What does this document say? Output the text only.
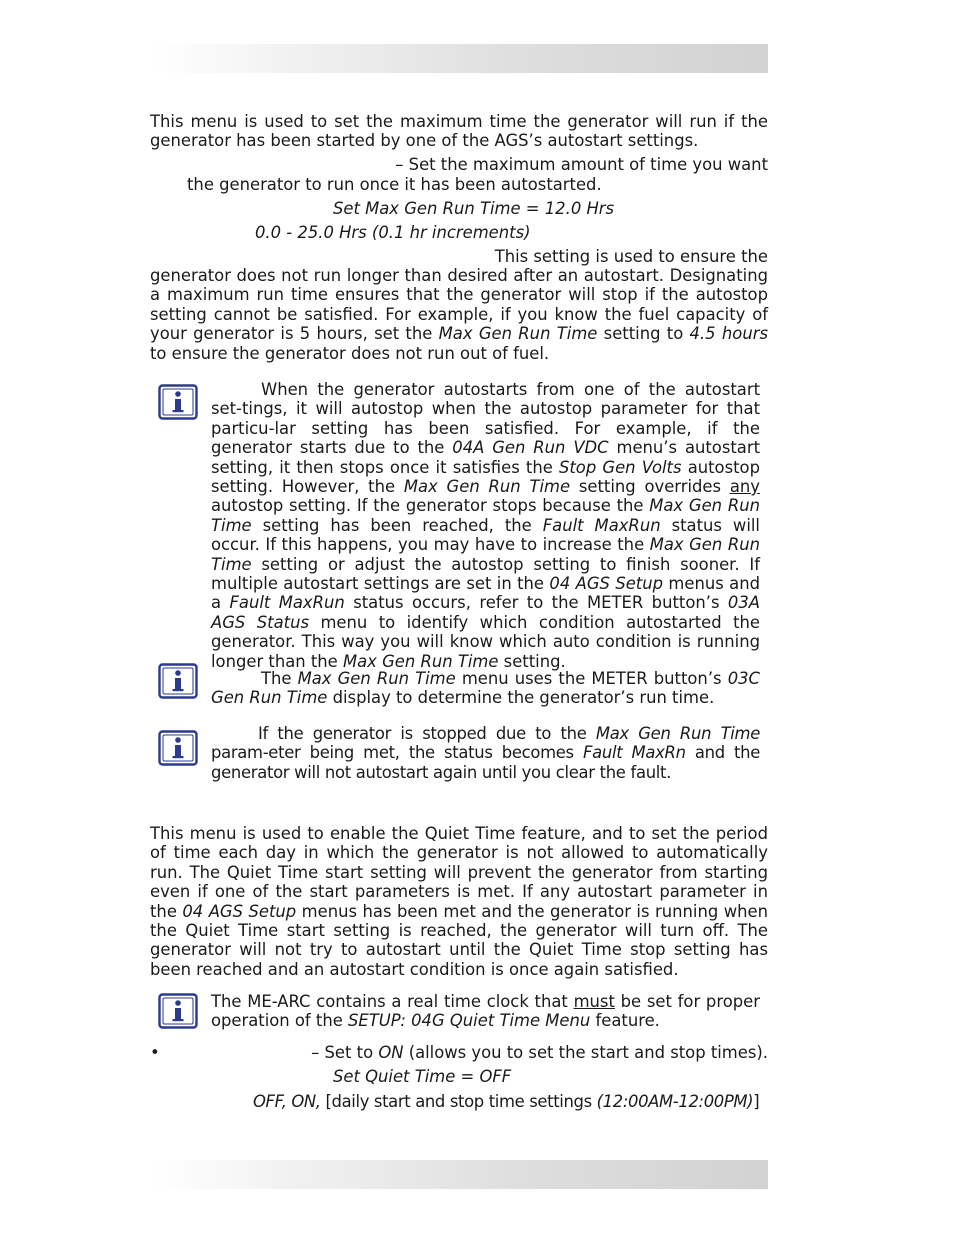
This menu is used to set the maximum time the generator will run if the generator has been started by one of the AGS’s autostart settings.
– Set the maximum amount of time you want
the generator to run once it has been autostarted.
Set Max Gen Run Time = 12.0 Hrs
0.0 - 25.0 Hrs (0.1 hr increments)
This setting is used to ensure the
generator does not run longer than desired after an autostart. Designating a maximum run time ensures that the generator will stop if the autostop setting cannot be satisfied. For example, if you know the fuel capacity of your generator is 5 hours, set the Max Gen Run Time setting to 4.5 hours to ensure the generator does not run out of fuel.
When the generator autostarts from one of the autostart set-tings, it will autostop when the autostop parameter for that particu-lar setting has been satisfied. For example, if the generator starts due to the 04A Gen Run VDC menu’s autostart setting, it then stops once it satisfies the Stop Gen Volts autostop setting. However, the Max Gen Run Time setting overrides any autostop setting. If the generator stops because the Max Gen Run Time setting has been reached, the Fault MaxRun status will occur. If this happens, you may have to increase the Max Gen Run Time setting or adjust the autostop setting to finish sooner. If multiple autostart settings are set in the 04 AGS Setup menus and a Fault MaxRun status occurs, refer to the METER button’s 03A AGS Status menu to identify which condition autostarted the generator. This way you will know which auto condition is running longer than the Max Gen Run Time setting.
The Max Gen Run Time menu uses the METER button’s 03C Gen Run Time display to determine the generator’s run time.
If the generator is stopped due to the Max Gen Run Time param-eter being met, the status becomes Fault MaxRn and the generator will not autostart again until you clear the fault.
This menu is used to enable the Quiet Time feature, and to set the period of time each day in which the generator is not allowed to automatically run. The Quiet Time start setting will prevent the generator from starting even if one of the start parameters is met. If any autostart parameter in the 04 AGS Setup menus has been met and the generator is running when the Quiet Time start setting is reached, the generator will turn off. The generator will not try to autostart until the Quiet Time stop setting has been reached and an autostart condition is once again satisfied.
The ME-ARC contains a real time clock that must be set for proper operation of the SETUP: 04G Quiet Time Menu feature.
•	– Set to ON (allows you to set the start and stop times).
Set Quiet Time = OFF
OFF, ON, [daily start and stop time settings (12:00AM-12:00PM)]
